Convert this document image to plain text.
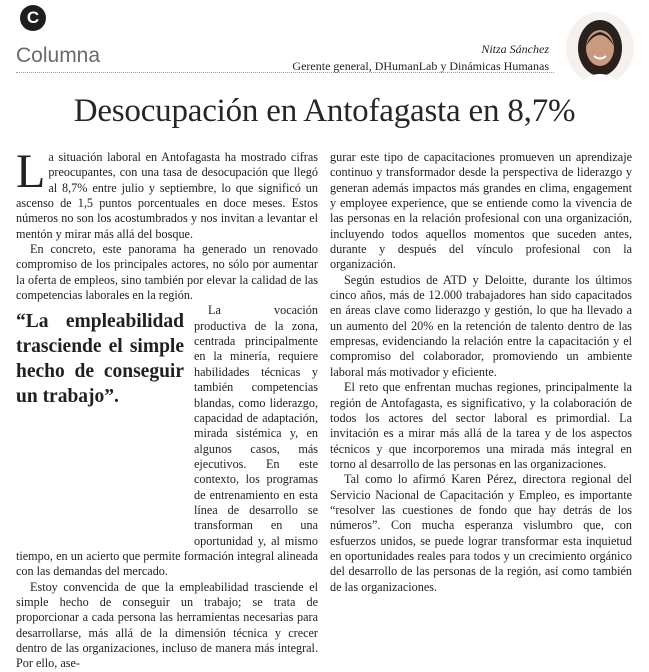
C
Columna	Nitza Sánchez
Gerente general, DHumanLab y Dinámicas Humanas
Desocupación en Antofagasta en 8,7%

La situación laboral en Antofagasta ha mostrado cifras preocupantes, con una tasa de desocupación que llegó al 8,7% entre julio y septiembre, lo que significó un ascenso de 1,5 puntos porcentuales en doce meses. Estos números no son los acostumbrados y nos invitan a levantar el mentón y mirar más allá del bosque.

En concreto, este panorama ha generado un renovado compromiso de los principales actores, no sólo por aumentar la oferta de empleos, sino también por elevar la calidad de las competencias laborales en la región.

“La empleabilidad trasciende el simple hecho de conseguir un trabajo”.

La vocación productiva de la zona, centrada principalmente en la minería, requiere habilidades técnicas y también competencias blandas, como liderazgo, capacidad de adaptación, mirada sistémica y, en algunos casos, más ejecutivos. En este contexto, los programas de entrenamiento en esta línea de desarrollo se transforman en una oportunidad y, al mismo tiempo, en un acierto que permite formación integral alineada con las demandas del mercado.

Estoy convencida de que la empleabilidad trasciende el simple hecho de conseguir un trabajo; se trata de proporcionar a cada persona las herramientas necesarias para desarrollarse, más allá de la dimensión técnica y crecer dentro de las organizaciones, incluso de manera más integral. Por ello, ase-

gurar este tipo de capacitaciones promueven un aprendizaje continuo y transformador desde la perspectiva de liderazgo y generan además impactos más grandes en clima, engagement y employee experience, que se entiende como la vivencia de las personas en la relación profesional con una organización, incluyendo todos aquellos momentos que suceden antes, durante y después del vínculo profesional con la organización.

Según estudios de ATD y Deloitte, durante los últimos cinco años, más de 12.000 trabajadores han sido capacitados en áreas clave como liderazgo y gestión, lo que ha llevado a un aumento del 20% en la retención de talento dentro de las empresas, evidenciando la relación entre la capacitación y el compromiso del colaborador, promoviendo un ambiente laboral más motivador y eficiente.

El reto que enfrentan muchas regiones, principalmente la región de Antofagasta, es significativo, y la colaboración de todos los actores del sector laboral es primordial. La invitación es a mirar más allá de la tarea y de los aspectos técnicos y que incorporemos una mirada más integral en torno al desarrollo de las personas en las organizaciones.

Tal como lo afirmó Karen Pérez, directora regional del Servicio Nacional de Capacitación y Empleo, es importante “resolver las cuestiones de fondo que hay detrás de los números”. Con mucha esperanza vislumbro que, con esfuerzos unidos, se puede lograr transformar esta inquietud en oportunidades reales para todos y un crecimiento orgánico del desarrollo de las personas de la región, así como también de las organizaciones.
